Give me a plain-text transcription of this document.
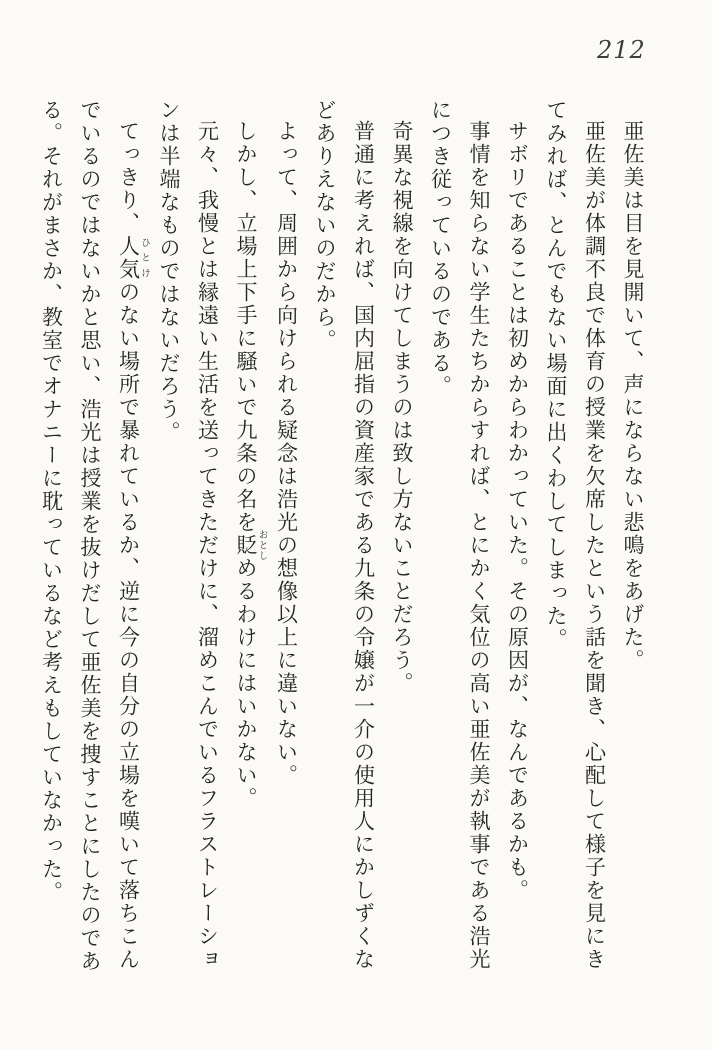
212

亜佐美は目を見開いて、声にならない悲鳴をあげた。

亜佐美が体調不良で体育の授業を欠席したという話を聞き、心配して様子を見にきてみれば、とんでもない場面に出くわしてしまった。

サボリであることは初めからわかっていた。その原因が、なんであるかも。

事情を知らない学生たちからすれば、とにかく気位の高い亜佐美が執事である浩光につき従っているのである。

奇異な視線を向けてしまうのは致し方ないことだろう。

普通に考えれば、国内屈指の資産家である九条の令嬢が一介の使用人にかしずくなどありえないのだから。

よって、周囲から向けられる疑念は浩光の想像以上に違いない。

しかし、立場上下手に騒いで九条の名を貶おとしめるわけにはいかない。

元々、我慢とは縁遠い生活を送ってきただけに、溜めこんでいるフラストレーションは半端なものではないだろう。

てっきり、人気ひとけのない場所で暴れているか、逆に今の自分の立場を嘆いて落ちこんでいるのではないかと思い、浩光は授業を抜けだして亜佐美を捜すことにしたのである。それがまさか、教室でオナニーに耽っているなど考えもしていなかった。
